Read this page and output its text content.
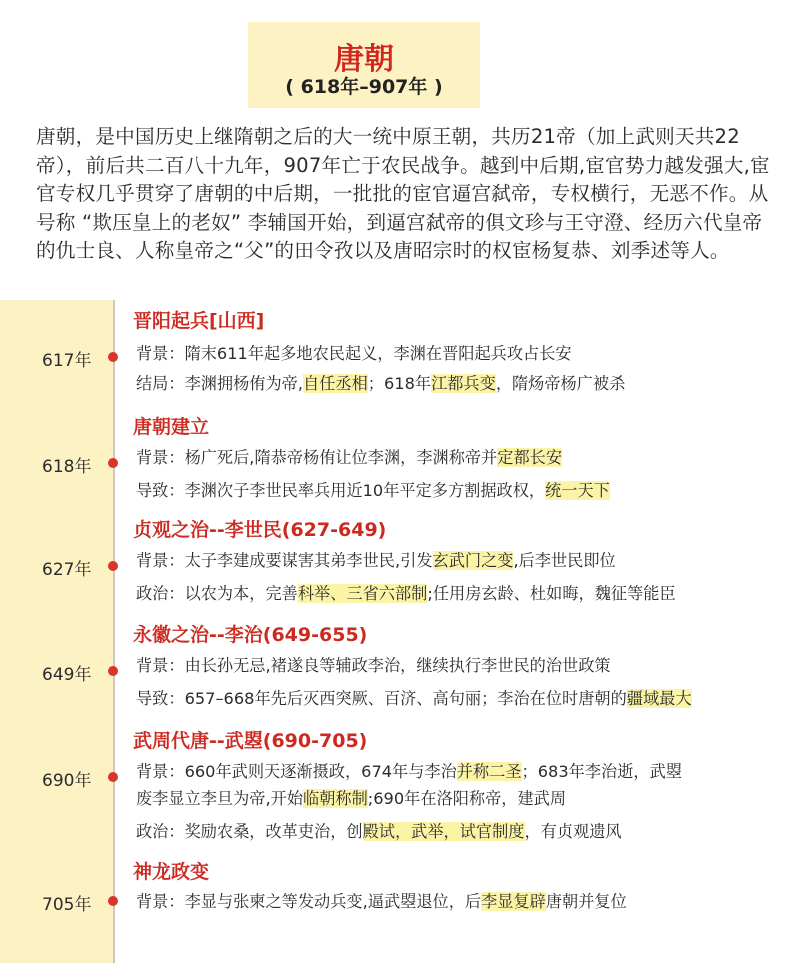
唐朝
( 618年–907年 )

唐朝，是中国历史上继隋朝之后的大一统中原王朝，共历21帝（加上武则天共22帝），前后共二百八十九年，907年亡于农民战争。越到中后期,宦官势力越发强大,宦官专权几乎贯穿了唐朝的中后期，一批批的宦官逼宫弑帝，专权横行，无恶不作。从号称 “欺压皇上的老奴” 李辅国开始，到逼宫弑帝的俱文珍与王守澄、经历六代皇帝的仇士良、人称皇帝之“父”的田令孜以及唐昭宗时的权宦杨复恭、刘季述等人。

晋阳起兵[山西]
617年	背景：隋末611年起多地农民起义，李渊在晋阳起兵攻占长安
结局：李渊拥杨侑为帝,自任丞相；618年江都兵变，隋炀帝杨广被杀
唐朝建立
618年	背景：杨广死后,隋恭帝杨侑让位李渊，李渊称帝并定都长安
导致：李渊次子李世民率兵用近10年平定多方割据政权，统一天下
贞观之治--李世民(627-649)
627年	背景：太子李建成要谋害其弟李世民,引发玄武门之变,后李世民即位
政治：以农为本，完善科举、三省六部制;任用房玄龄、杜如晦，魏征等能臣
永徽之治--李治(649-655)
649年	背景：由长孙无忌,褚遂良等辅政李治，继续执行李世民的治世政策
导致：657–668年先后灭西突厥、百济、高句丽；李治在位时唐朝的疆域最大
武周代唐--武曌(690-705)
690年	背景：660年武则天逐渐摄政，674年与李治并称二圣；683年李治逝，武曌
废李显立李旦为帝,开始临朝称制;690年在洛阳称帝，建武周
政治：奖励农桑，改革吏治，创殿试，武举，试官制度，有贞观遗风
神龙政变
705年	背景：李显与张柬之等发动兵变,逼武曌退位，后李显复辟唐朝并复位
